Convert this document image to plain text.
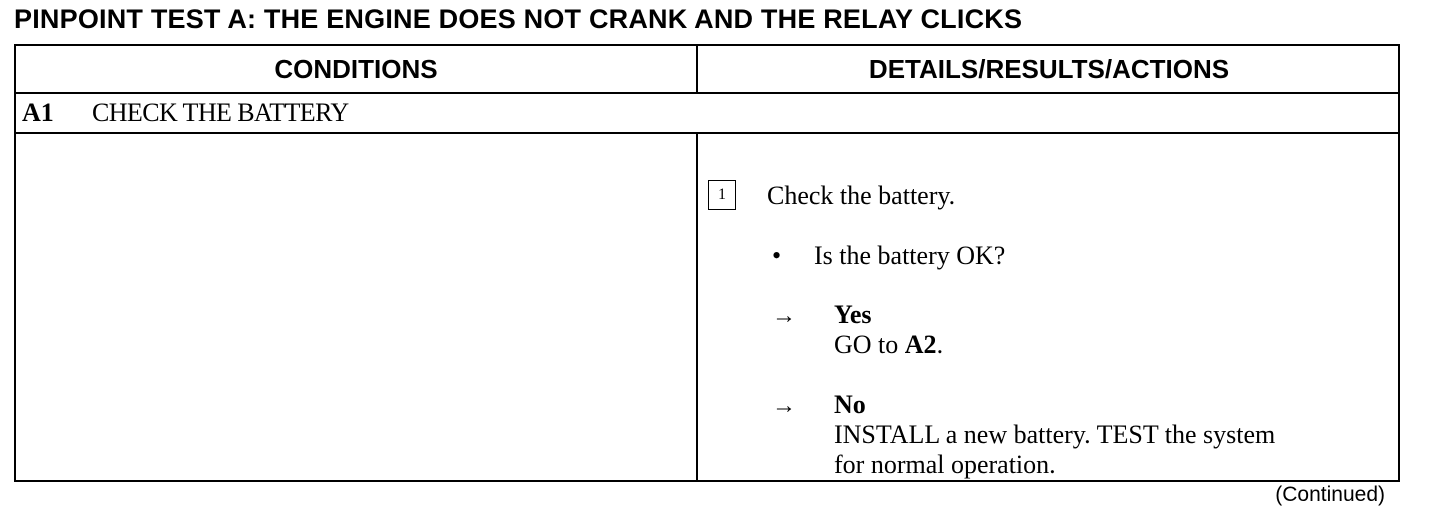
PINPOINT TEST A: THE ENGINE DOES NOT CRANK AND THE RELAY CLICKS
CONDITIONS	DETAILS/RESULTS/ACTIONS
A1	CHECK THE BATTERY
1	Check the battery.
• Is the battery OK?
→ Yes
GO to A2.
→ No
INSTALL a new battery. TEST the system
for normal operation.
(Continued)
